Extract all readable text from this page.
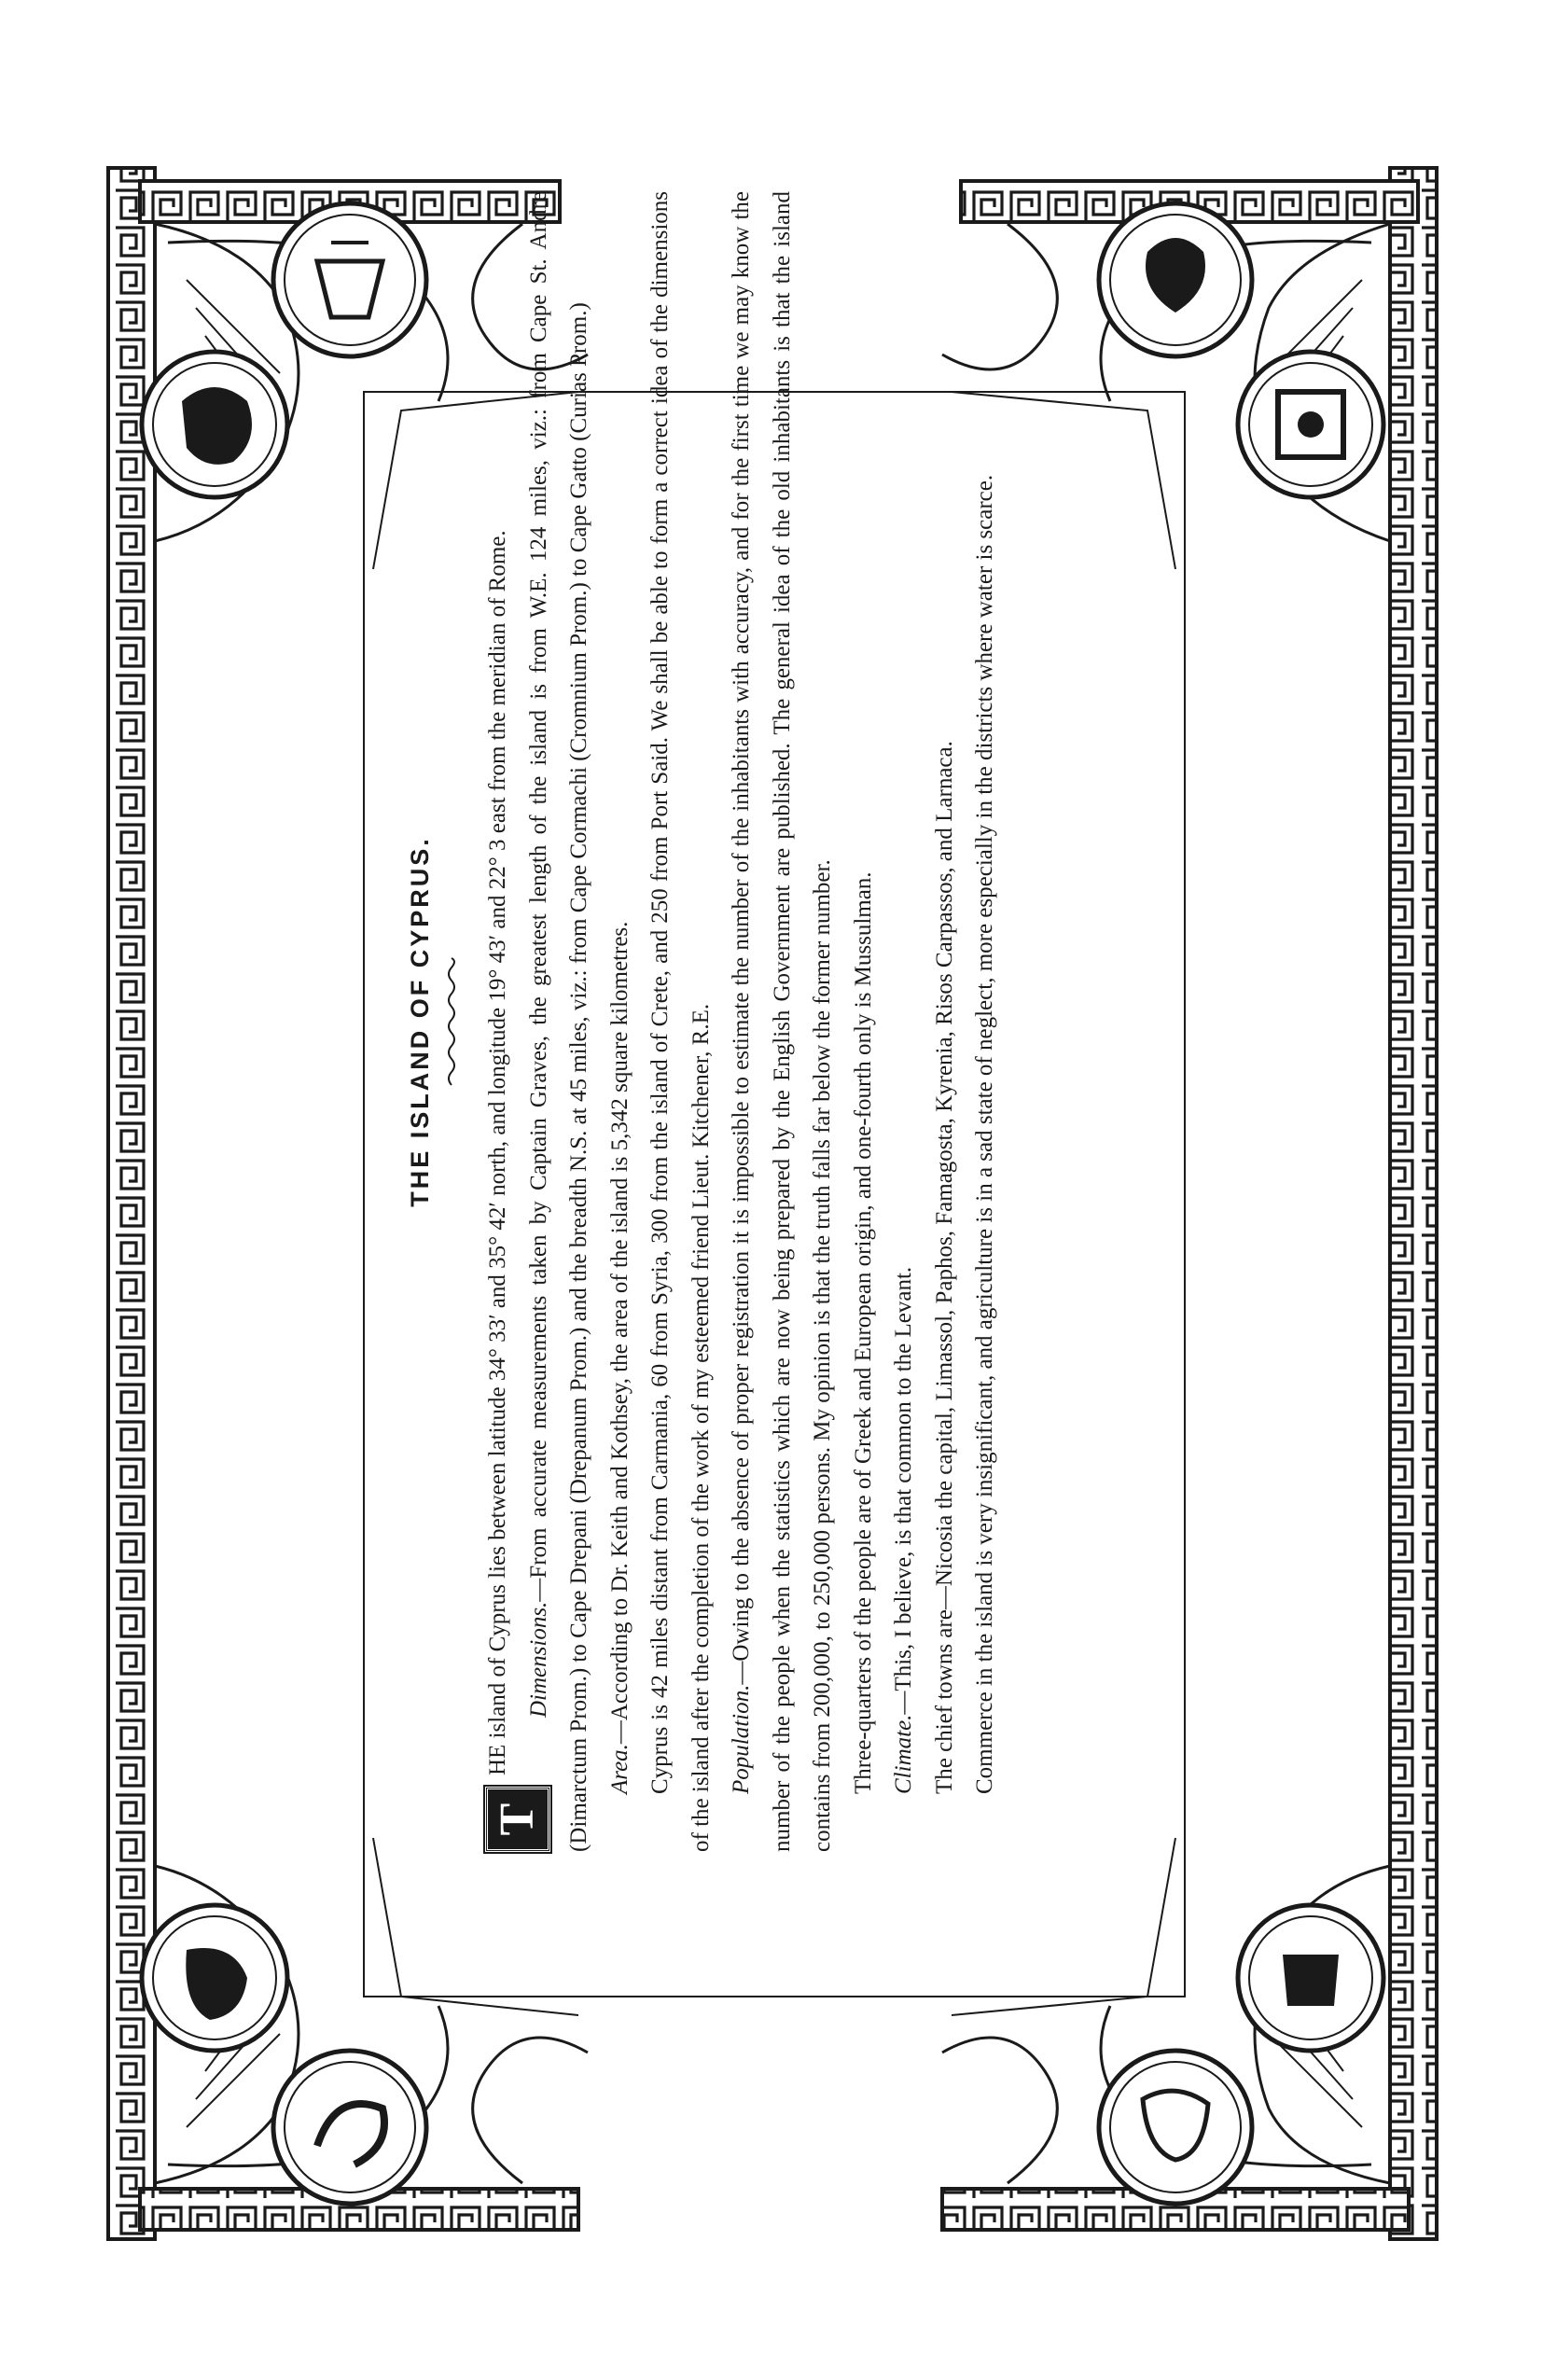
THE ISLAND OF CYPRUS.

T
HE island of Cyprus lies between latitude 34° 33′ and 35° 42′ north, and longitude 19° 43′ and 22° 3 east from the meridian of Rome. Dimensions.—From accurate measurements taken by Captain Graves, the greatest length of the island is from W.E. 124 miles, viz.: from Cape St. Andre (Dimarctum Prom.) to Cape Drepani (Drepanum Prom.) and the breadth N.S. at 45 miles, viz.: from Cape Cormachi (Cromnium Prom.) to Cape Gatto (Curias Prom.) Area.—According to Dr. Keith and Kothsey, the area of the island is 5,342 square kilometres. Cyprus is 42 miles distant from Carmania, 60 from Syria, 300 from the island of Crete, and 250 from Port Said. We shall be able to form a correct idea of the dimensions of the island after the completion of the work of my esteemed friend Lieut. Kitchener, R.E. Population.—Owing to the absence of proper registration it is impossible to estimate the number of the inhabitants with accuracy, and for the first time we may know the number of the people when the statistics which are now being prepared by the English Government are published. The general idea of the old inhabitants is that the island contains from 200,000, to 250,000 persons. My opinion is that the truth falls far below the former number. Three-quarters of the people are of Greek and European origin, and one-fourth only is Mussulman. Climate.—This, I believe, is that common to the Levant. The chief towns are—Nicosia the capital, Limassol, Paphos, Famagosta, Kyrenia, Risos Carpassos, and Larnaca. Commerce in the island is very insignificant, and agriculture is in a sad state of neglect, more especially in the districts where water is scarce.
